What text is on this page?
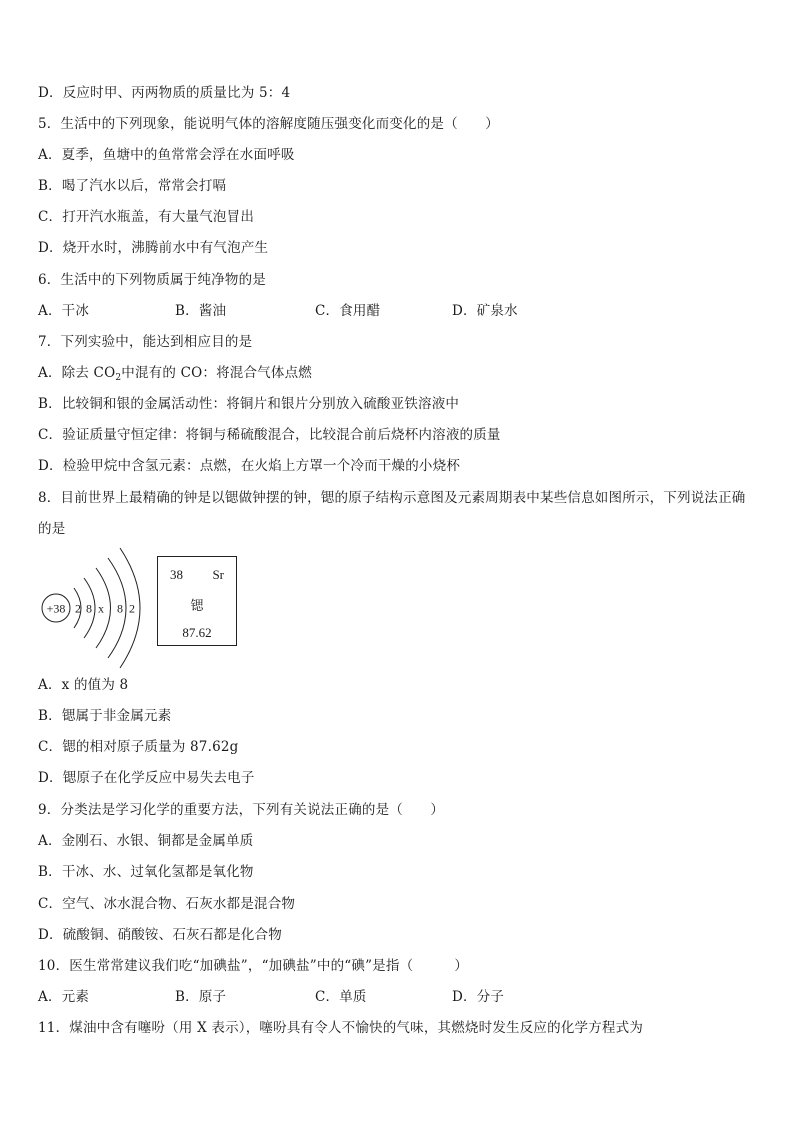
D．反应时甲、丙两物质的质量比为 5：4
5．生活中的下列现象，能说明气体的溶解度随压强变化而变化的是（　　）
A．夏季，鱼塘中的鱼常常会浮在水面呼吸
B．喝了汽水以后，常常会打嗝
C．打开汽水瓶盖，有大量气泡冒出
D．烧开水时，沸腾前水中有气泡产生
6．生活中的下列物质属于纯净物的是
A．干冰	B．酱油	C．食用醋	D．矿泉水
7．下列实验中，能达到相应目的是
A．除去 $CO_2$中混有的 CO：将混合气体点燃
B．比较铜和银的金属活动性：将铜片和银片分别放入硫酸亚铁溶液中
C．验证质量守恒定律：将铜与稀硫酸混合，比较混合前后烧杯内溶液的质量
D．检验甲烷中含氢元素：点燃，在火焰上方罩一个冷而干燥的小烧杯
8．目前世界上最精确的钟是以锶做钟摆的钟，锶的原子结构示意图及元素周期表中某些信息如图所示，下列说法正确
的是
+38 2 8 x 8 2
38 Sr
锶
87.62
A．x 的值为 8
B．锶属于非金属元素
C．锶的相对原子质量为 87.62g
D．锶原子在化学反应中易失去电子
9．分类法是学习化学的重要方法，下列有关说法正确的是（　　）
A．金刚石、水银、铜都是金属单质
B．干冰、水、过氧化氢都是氧化物
C．空气、冰水混合物、石灰水都是混合物
D．硫酸铜、硝酸铵、石灰石都是化合物
10．医生常常建议我们吃“加碘盐”，“加碘盐”中的“碘”是指（　　　）
A．元素	B．原子	C．单质	D．分子
11．煤油中含有噻吩（用 X 表示），噻吩具有令人不愉快的气味，其燃烧时发生反应的化学方程式为
